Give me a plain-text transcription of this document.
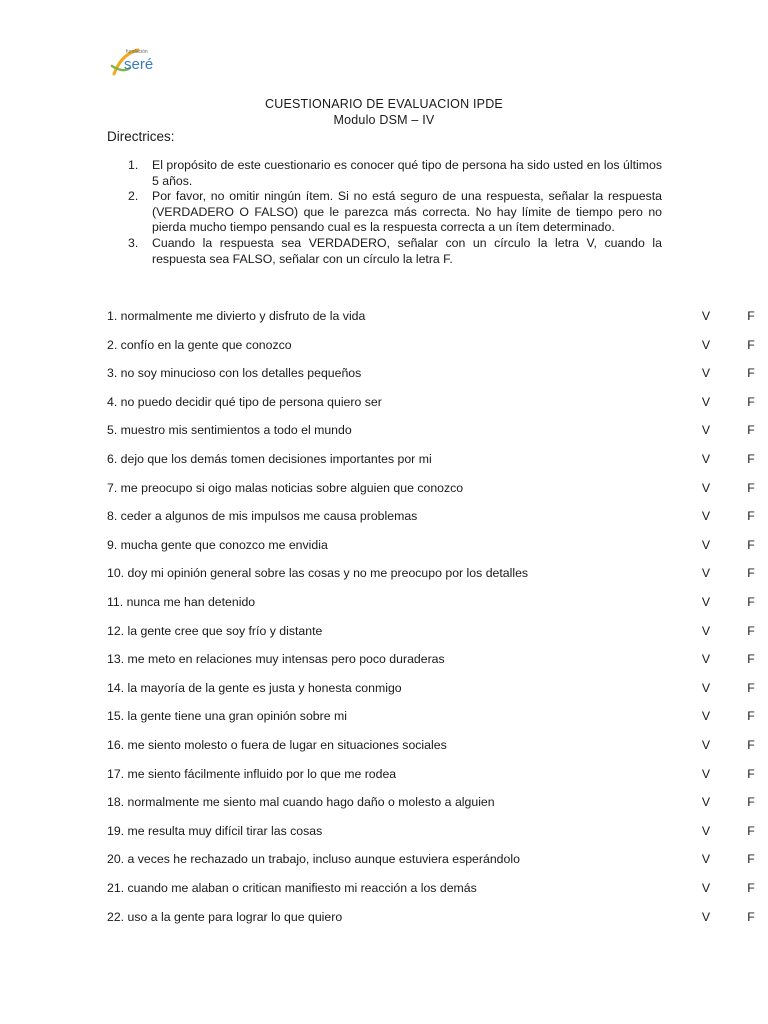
fundación
seré
CUESTIONARIO DE EVALUACION IPDE
Modulo DSM – IV
Directrices:
1. El propósito de este cuestionario es conocer qué tipo de persona ha sido usted en los últimos 5 años.
2. Por favor, no omitir ningún ítem. Si no está seguro de una respuesta, señalar la respuesta (VERDADERO O FALSO) que le parezca más correcta. No hay límite de tiempo pero no pierda mucho tiempo pensando cual es la respuesta correcta a un ítem determinado.
3. Cuando la respuesta sea VERDADERO, señalar con un círculo la letra V, cuando la respuesta sea FALSO, señalar con un círculo la letra F.
1. normalmente me divierto y disfruto de la vida	V	F
2. confío en la gente que conozco	V	F
3. no soy minucioso con los detalles pequeños	V	F
4. no puedo decidir qué tipo de persona quiero ser	V	F
5. muestro mis sentimientos a todo el mundo	V	F
6. dejo que los demás tomen decisiones importantes por mi	V	F
7. me preocupo si oigo malas noticias sobre alguien que conozco	V	F
8. ceder a algunos de mis impulsos me causa problemas	V	F
9. mucha gente que conozco me envidia	V	F
10. doy mi opinión general sobre las cosas y no me preocupo por los detalles	V	F
11. nunca me han detenido	V	F
12. la gente cree que soy frío y distante	V	F
13. me meto en relaciones muy intensas pero poco duraderas	V	F
14. la mayoría de la gente es justa y honesta conmigo	V	F
15. la gente tiene una gran opinión sobre mi	V	F
16. me siento molesto o fuera de lugar en situaciones sociales	V	F
17. me siento fácilmente influido por lo que me rodea	V	F
18. normalmente me siento mal cuando hago daño o molesto a alguien	V	F
19. me resulta muy difícil tirar las cosas	V	F
20. a veces he rechazado un trabajo, incluso aunque estuviera esperándolo	V	F
21. cuando me alaban o critican manifiesto mi reacción a los demás	V	F
22. uso a la gente para lograr lo que quiero	V	F
